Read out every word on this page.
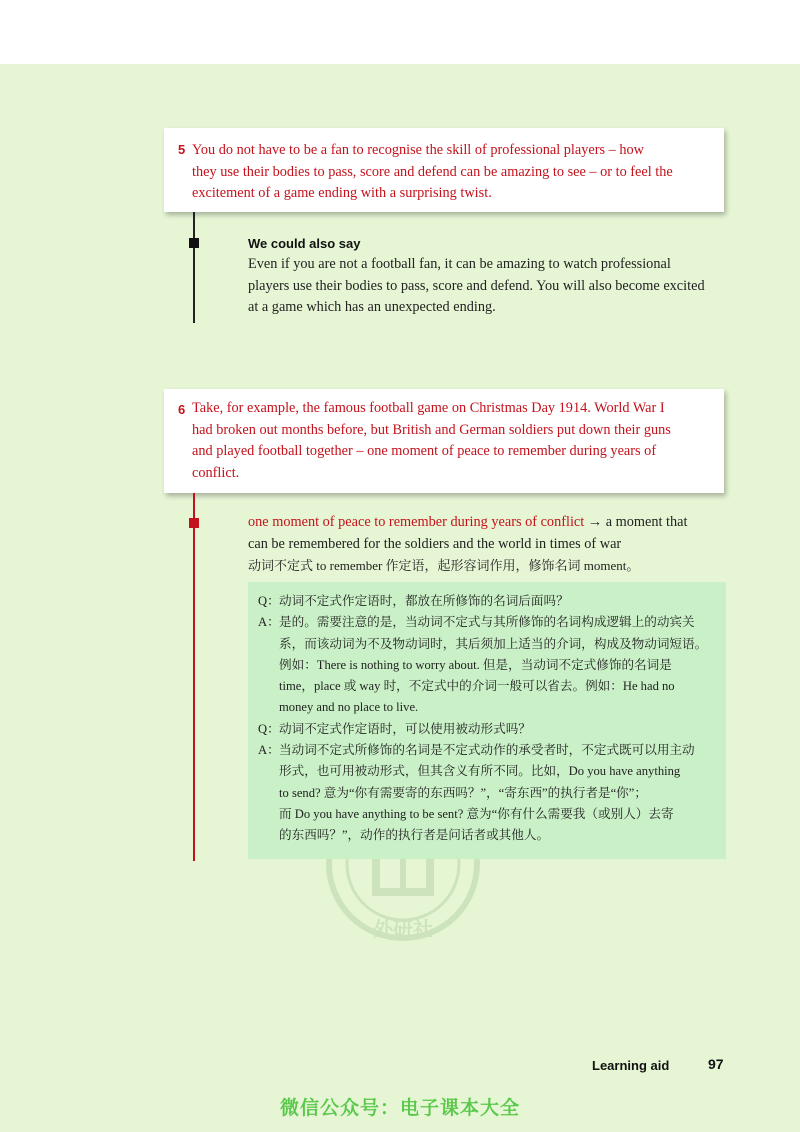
外研社
5 You do not have to be a fan to recognise the skill of professional players – how

they use their bodies to pass, score and defend can be amazing to see – or to feel the

excitement of a game ending with a surprising twist.

We could also say
Even if you are not a football fan, it can be amazing to watch professional
players use their bodies to pass, score and defend. You will also become excited
at a game which has an unexpected ending.
6 Take, for example, the famous football game on Christmas Day 1914. World War I

had broken out months before, but British and German soldiers put down their guns

and played football together – one moment of peace to remember during years of

conflict.

one moment of peace to remember during years of conflict → a moment that
can be remembered for the soldiers and the world in times of war
动词不定式 to remember 作定语，起形容词作用，修饰名词 moment。
Q： 动词不定式作定语时，都放在所修饰的名词后面吗？
A： 是的。需要注意的是，当动词不定式与其所修饰的名词构成逻辑上的动宾关
系，而该动词为不及物动词时，其后须加上适当的介词，构成及物动词短语。
例如：There is nothing to worry about. 但是，当动词不定式修饰的名词是
time，place 或 way 时，不定式中的介词一般可以省去。例如：He had no
money and no place to live.
Q： 动词不定式作定语时，可以使用被动形式吗？
A： 当动词不定式所修饰的名词是不定式动作的承受者时，不定式既可以用主动
形式，也可用被动形式，但其含义有所不同。比如，Do you have anything
to send? 意为“你有需要寄的东西吗？”，“寄东西”的执行者是“你”；
而 Do you have anything to be sent? 意为“你有什么需要我（或别人）去寄
的东西吗？”，动作的执行者是问话者或其他人。
Learning aid	97
微信公众号：电子课本大全
